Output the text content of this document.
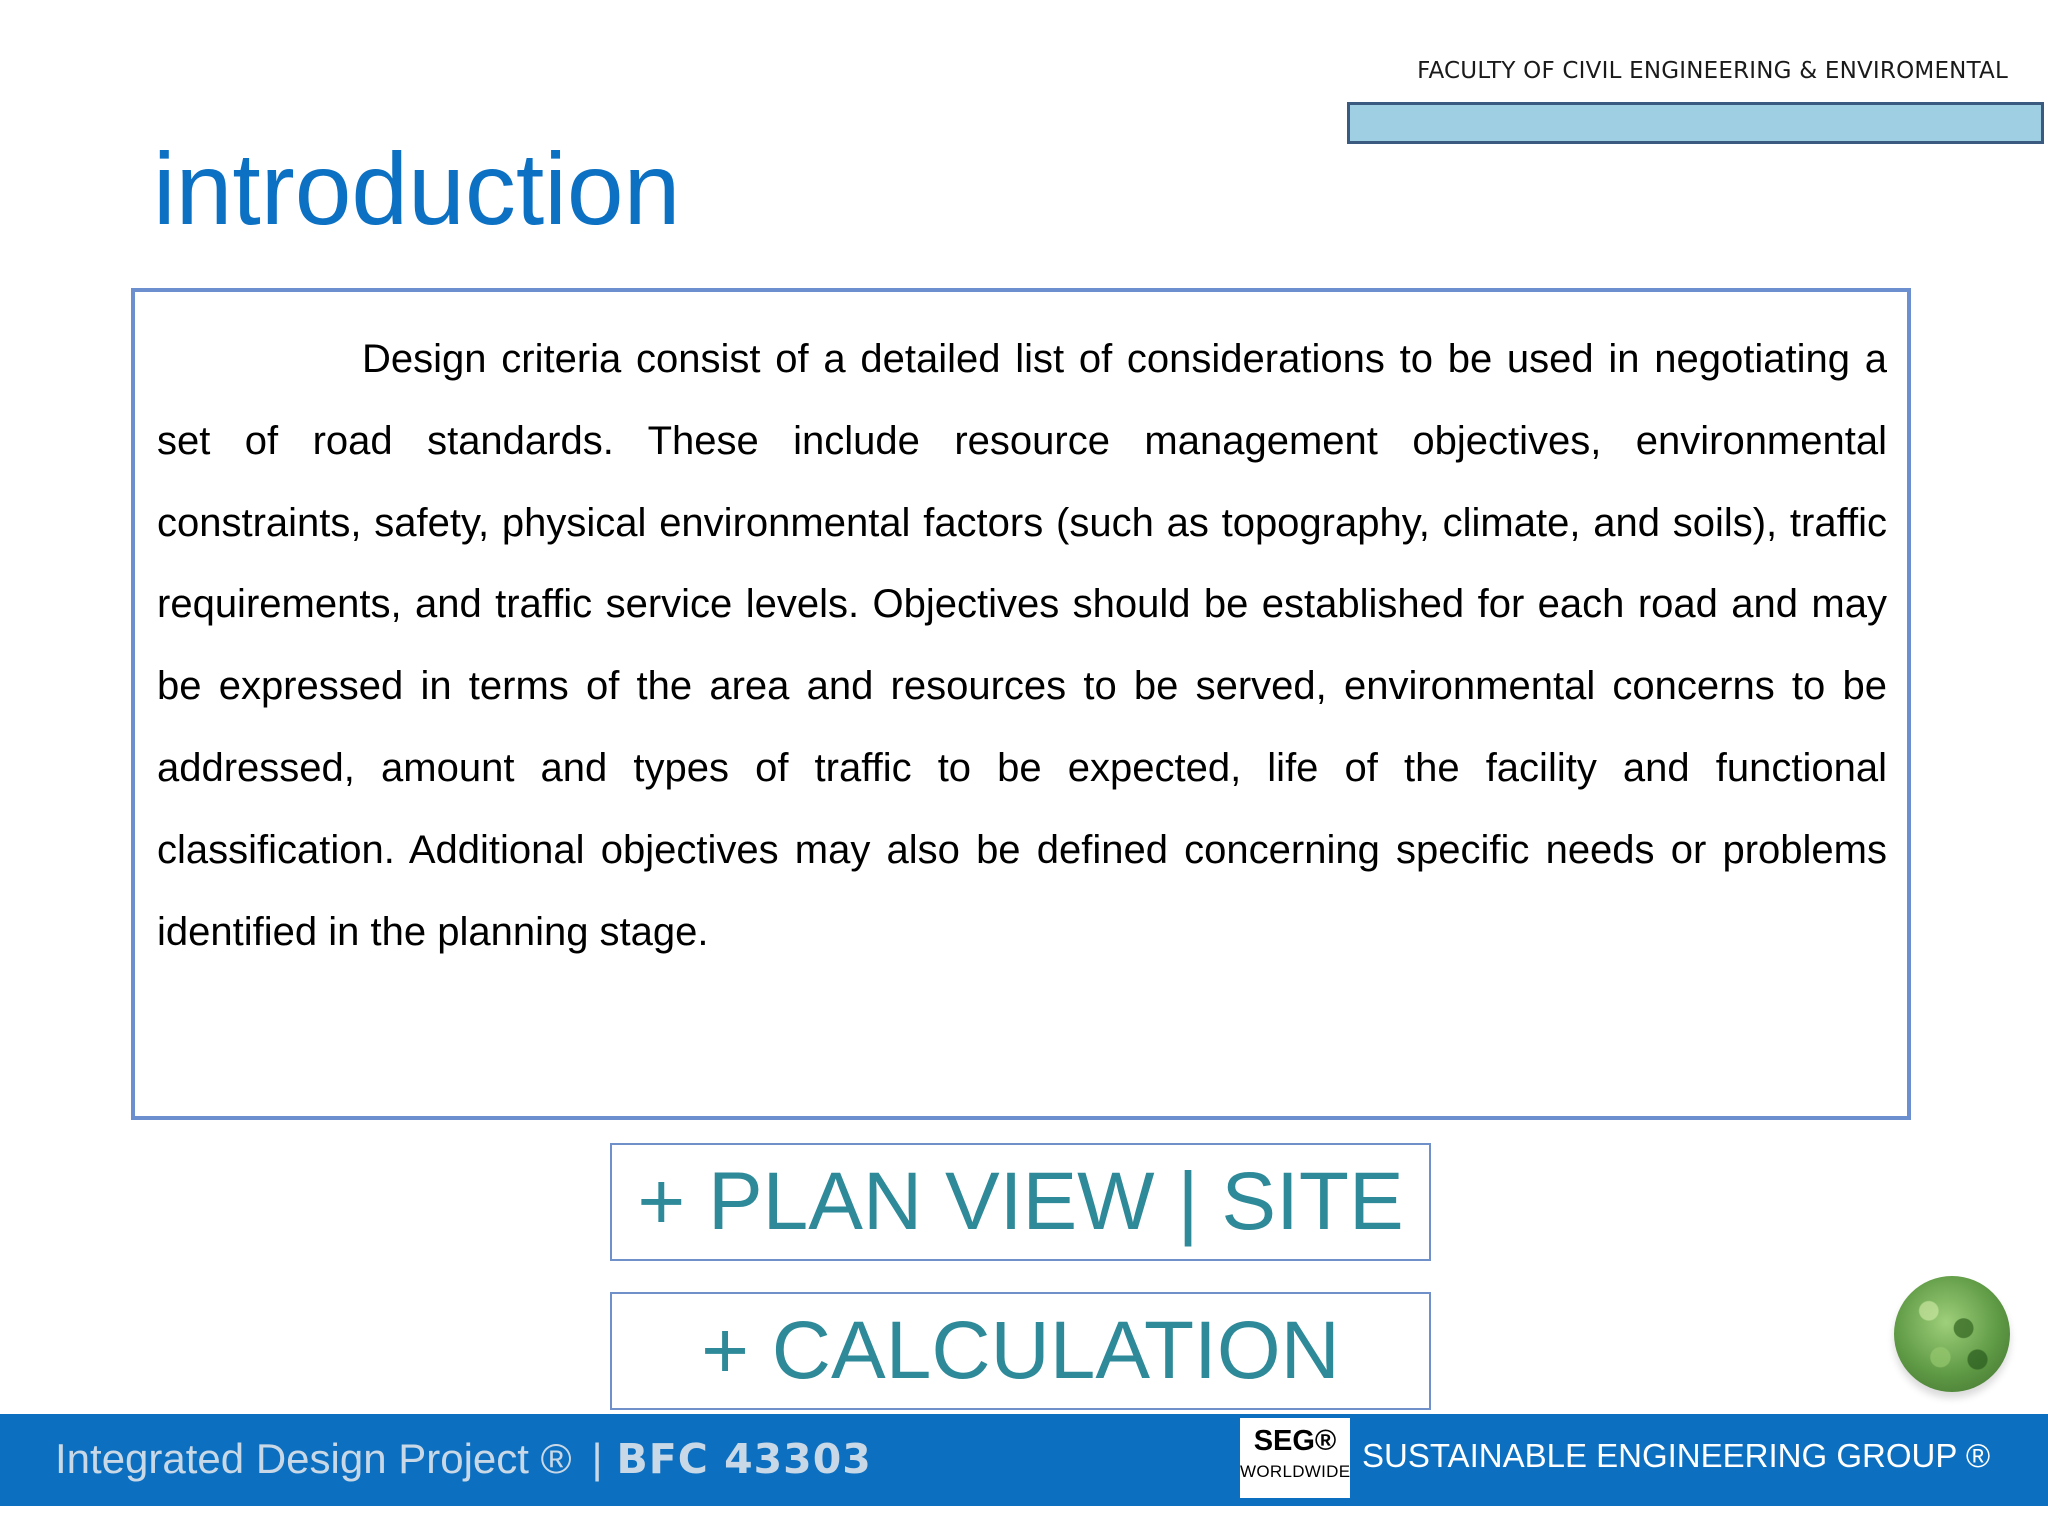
FACULTY OF CIVIL ENGINEERING & ENVIROMENTAL
introduction

Design criteria consist of a detailed list of considerations to be used in negotiating a set of road standards. These include resource management objectives, environmental constraints, safety, physical environmental factors (such as topography, climate, and soils), traffic requirements, and traffic service levels. Objectives should be established for each road and may be expressed in terms of the area and resources to be served, environmental concerns to be addressed, amount and types of traffic to be expected, life of the facility and functional classification. Additional objectives may also be defined concerning specific needs or problems identified in the planning stage.

+ PLAN VIEW | SITE
+ CALCULATION
Integrated Design Project ® | BFC 43303	SEG®
WORLDWIDE SUSTAINABLE ENGINEERING GROUP ®
